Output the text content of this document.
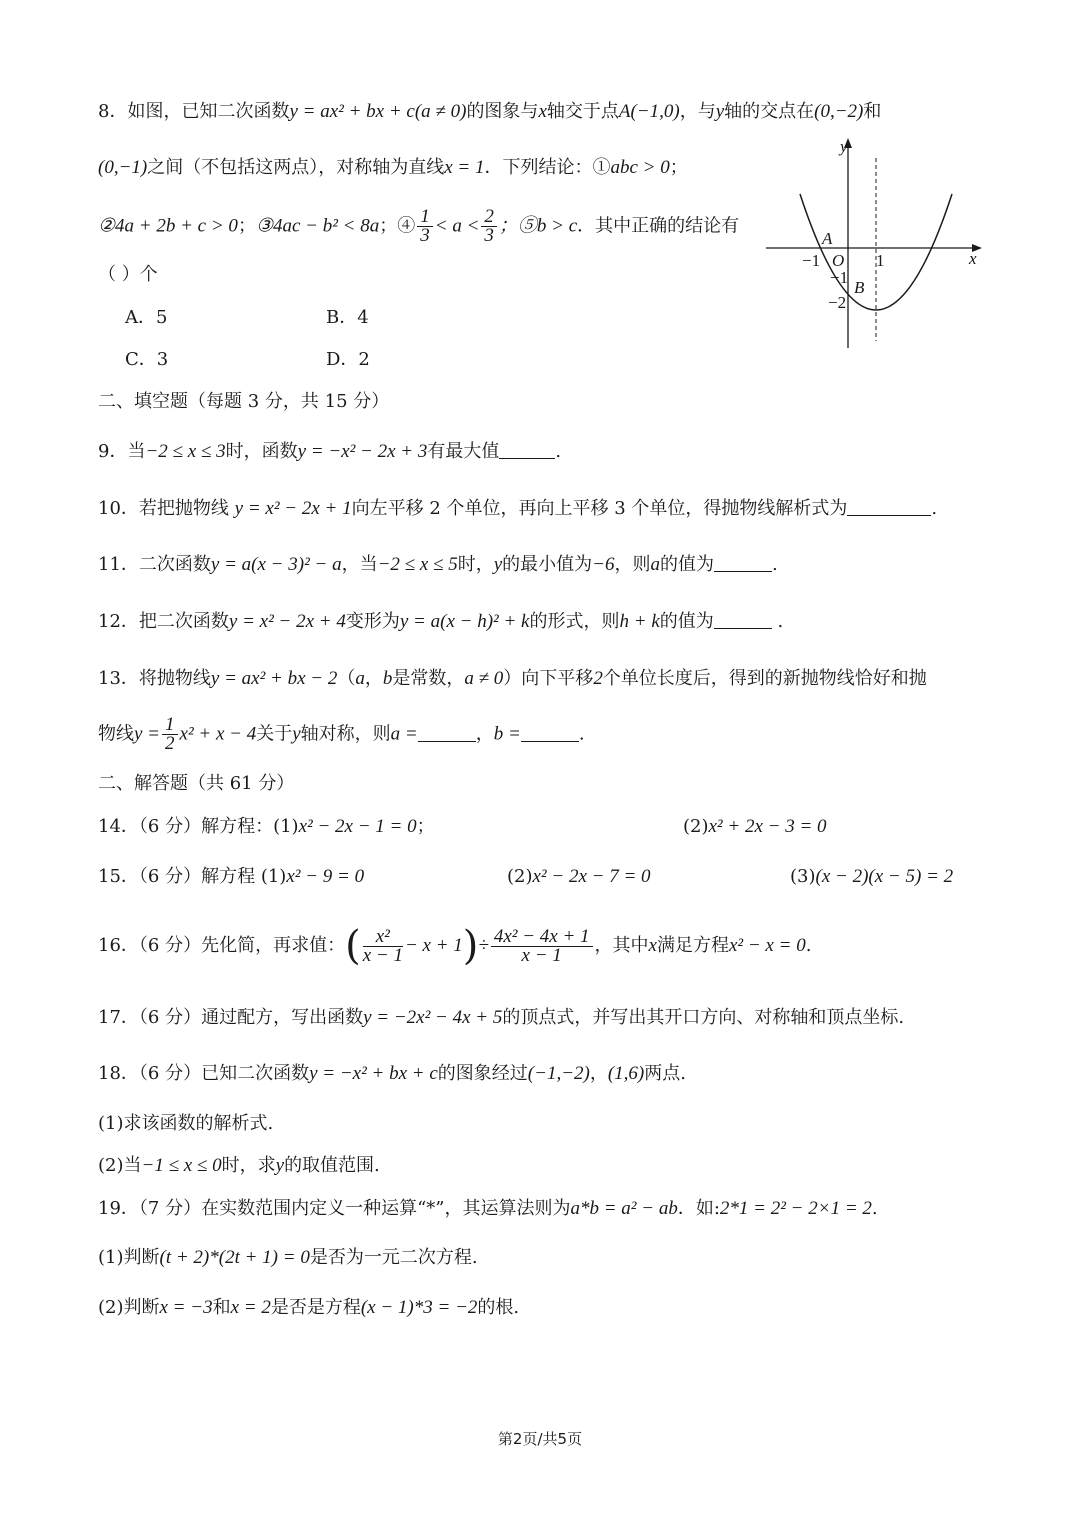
8．如图，已知二次函数y = ax² + bx + c(a ≠ 0)的图象与x轴交于点A(−1,0)，与y轴的交点在(0,−2)和
(0,−1)之间（不包括这两点），对称轴为直线x = 1．下列结论：①abc > 0；
②4a + 2b + c > 0；③4ac − b² < 8a；④ $\frac{1}{3} < a < \frac{2}{3}$ ；⑤b > c．其中正确的结论有
（ ）个
A．5	B．4
C．3	D．2
y
x
A
O
B
−1	1
−1
−2
二、填空题（每题 3 分，共 15 分）
9．当−2 ≤ x ≤ 3时，函数y = −x² − 2x + 3有最大值	.
10．若把抛物线 y = x² − 2x + 1向左平移 2 个单位，再向上平移 3 个单位，得抛物线解析式为	.
11．二次函数y = a(x − 3)² − a，当−2 ≤ x ≤ 5时，y的最小值为−6，则a的值为	.
12．把二次函数y = x² − 2x + 4变形为y = a(x − h)² + k的形式，则h + k的值为	.
13．将抛物线y = ax² + bx − 2（a，b是常数，a ≠ 0）向下平移2个单位长度后，得到的新抛物线恰好和抛
物线$y = \frac{1}{2} x^2 + x - 4$关于y轴对称，则a =	，b =	.
二、解答题（共 61 分）
14．（6 分）解方程：(1)x² − 2x − 1 = 0；	(2)x² + 2x − 3 = 0
15．（6 分）解方程 (1)x² − 9 = 0	(2)x² − 2x − 7 = 0	(3)(x − 2)(x − 5) = 2
16．（6 分）先化简，再求值：( $\frac{\text{x²}}{x - 1} - x + 1)\div \frac{\text{4x² − 4x + 1}}{x - 1}$ ，其中x满足方程x² − x = 0.
17．（6 分）通过配方，写出函数y = −2x² − 4x + 5的顶点式，并写出其开口方向、对称轴和顶点坐标.
18．（6 分）已知二次函数y = −x² + bx + c的图象经过(−1,−2)，(1,6)两点.
(1)求该函数的解析式.
(2)当−1 ≤ x ≤ 0时，求y的取值范围.
19．（7 分）在实数范围内定义一种运算“*”，其运算法则为a*b = a² − ab．如:2*1 = 2² − 2×1 = 2.
(1)判断(t + 2)*(2t + 1) = 0是否为一元二次方程.
(2)判断x = −3和x = 2是否是方程(x − 1)*3 = −2的根.
第2页/共5页
